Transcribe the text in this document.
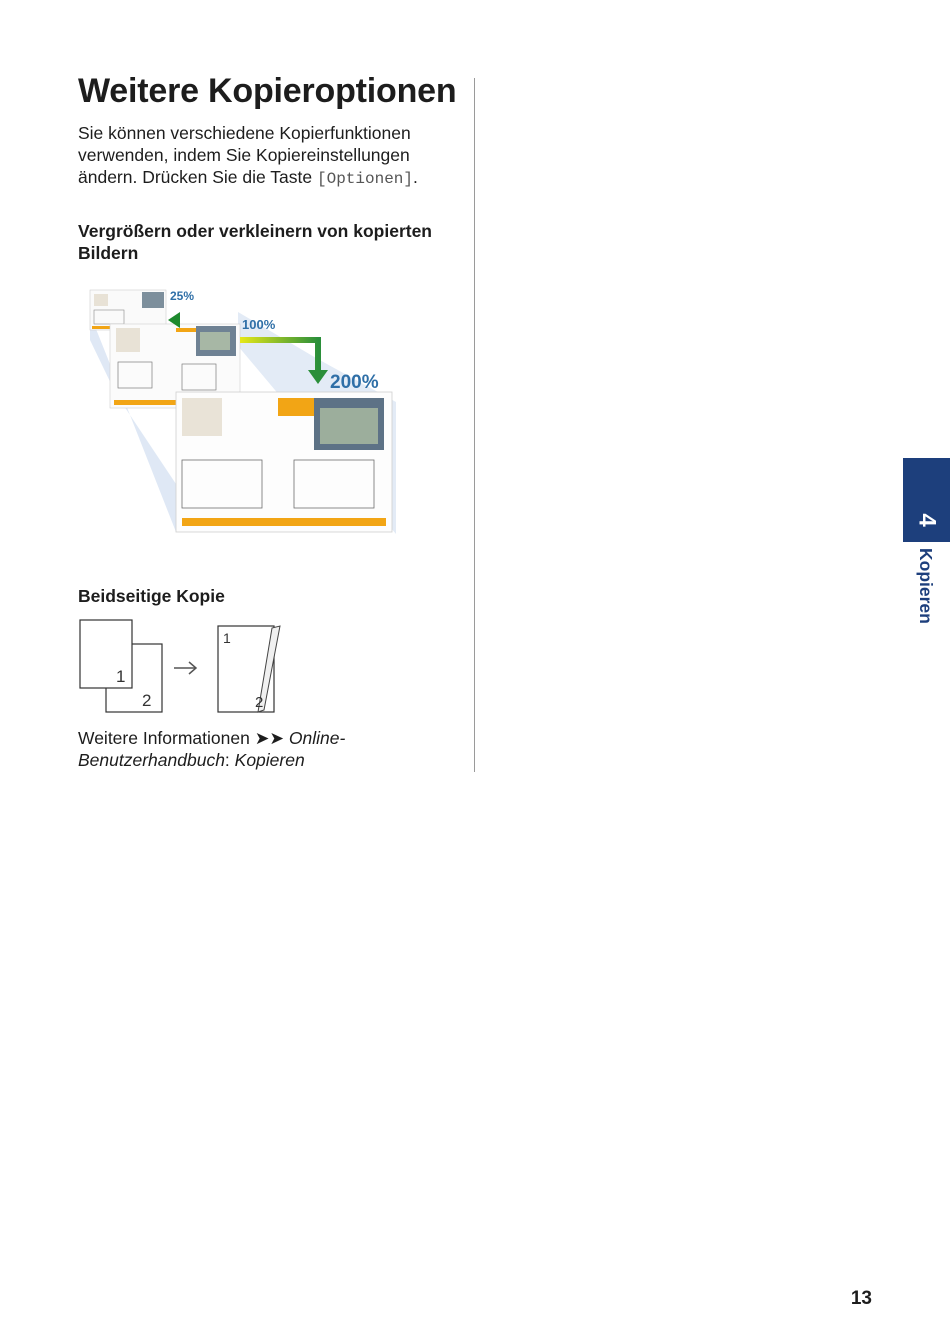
Weitere Kopieroptionen

Sie können verschiedene Kopierfunktionen verwenden, indem Sie Kopiereinstellungen ändern. Drücken Sie die Taste [Optionen].

Vergrößern oder verkleinern von kopierten Bildern
25%
100%
200%
Beidseitige Kopie
1
2
1
2

Weitere Informationen ➤➤ Online-Benutzerhandbuch: Kopieren

4
Kopieren

13
